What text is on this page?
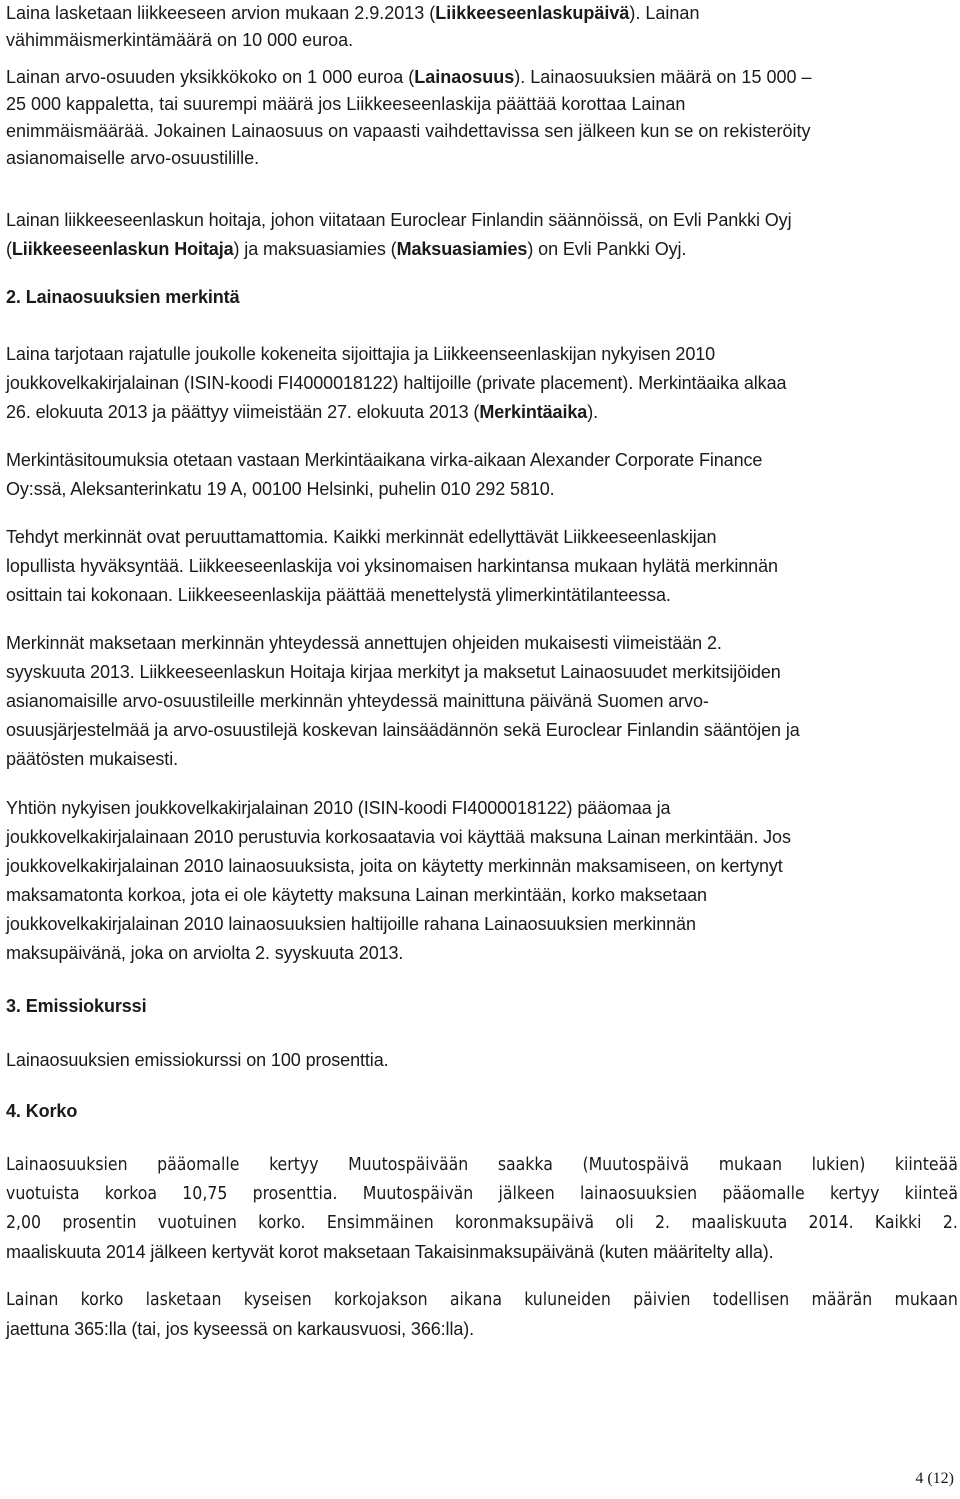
Laina lasketaan liikkeeseen arvion mukaan 2.9.2013 (Liikkeeseenlaskupäivä). Lainan
vähimmäismerkintämäärä on 10 000 euroa.
Lainan arvo-osuuden yksikkökoko on 1 000 euroa (Lainaosuus). Lainaosuuksien määrä on 15 000 –
25 000 kappaletta, tai suurempi määrä jos Liikkeeseenlaskija päättää korottaa Lainan
enimmäismäärää. Jokainen Lainaosuus on vapaasti vaihdettavissa sen jälkeen kun se on rekisteröity
asianomaiselle arvo-osuustilille.
Lainan liikkeeseenlaskun hoitaja, johon viitataan Euroclear Finlandin säännöissä, on Evli Pankki Oyj
(Liikkeeseenlaskun Hoitaja) ja maksuasiamies (Maksuasiamies) on Evli Pankki Oyj.
2. Lainaosuuksien merkintä
Laina tarjotaan rajatulle joukolle kokeneita sijoittajia ja Liikkeenseenlaskijan nykyisen 2010
joukkovelkakirjalainan (ISIN-koodi FI4000018122) haltijoille (private placement). Merkintäaika alkaa
26. elokuuta 2013 ja päättyy viimeistään 27. elokuuta 2013 (Merkintäaika).
Merkintäsitoumuksia otetaan vastaan Merkintäaikana virka-aikaan Alexander Corporate Finance
Oy:ssä, Aleksanterinkatu 19 A, 00100 Helsinki, puhelin 010 292 5810.
Tehdyt merkinnät ovat peruuttamattomia. Kaikki merkinnät edellyttävät Liikkeeseenlaskijan
lopullista hyväksyntää. Liikkeeseenlaskija voi yksinomaisen harkintansa mukaan hylätä merkinnän
osittain tai kokonaan. Liikkeeseenlaskija päättää menettelystä ylimerkintätilanteessa.
Merkinnät maksetaan merkinnän yhteydessä annettujen ohjeiden mukaisesti viimeistään 2.
syyskuuta 2013. Liikkeeseenlaskun Hoitaja kirjaa merkityt ja maksetut Lainaosuudet merkitsijöiden
asianomaisille arvo-osuustileille merkinnän yhteydessä mainittuna päivänä Suomen arvo-
osuusjärjestelmää ja arvo-osuustilejä koskevan lainsäädännön sekä Euroclear Finlandin sääntöjen ja
päätösten mukaisesti.
Yhtiön nykyisen joukkovelkakirjalainan 2010 (ISIN-koodi FI4000018122) pääomaa ja
joukkovelkakirjalainaan 2010 perustuvia korkosaatavia voi käyttää maksuna Lainan merkintään. Jos
joukkovelkakirjalainan 2010 lainaosuuksista, joita on käytetty merkinnän maksamiseen, on kertynyt
maksamatonta korkoa, jota ei ole käytetty maksuna Lainan merkintään, korko maksetaan
joukkovelkakirjalainan 2010 lainaosuuksien haltijoille rahana Lainaosuuksien merkinnän
maksupäivänä, joka on arviolta 2. syyskuuta 2013.
3. Emissiokurssi
Lainaosuuksien emissiokurssi on 100 prosenttia.
4. Korko
Lainaosuuksien pääomalle kertyy Muutospäivään saakka (Muutospäivä mukaan lukien) kiinteää
vuotuista korkoa 10,75 prosenttia. Muutospäivän jälkeen lainaosuuksien pääomalle kertyy kiinteä
2,00 prosentin vuotuinen korko. Ensimmäinen koronmaksupäivä oli 2. maaliskuuta 2014. Kaikki 2.
maaliskuuta 2014 jälkeen kertyvät korot maksetaan Takaisinmaksupäivänä (kuten määritelty alla).
Lainan korko lasketaan kyseisen korkojakson aikana kuluneiden päivien todellisen määrän mukaan
jaettuna 365:lla (tai, jos kyseessä on karkausvuosi, 366:lla).
4 (12)
